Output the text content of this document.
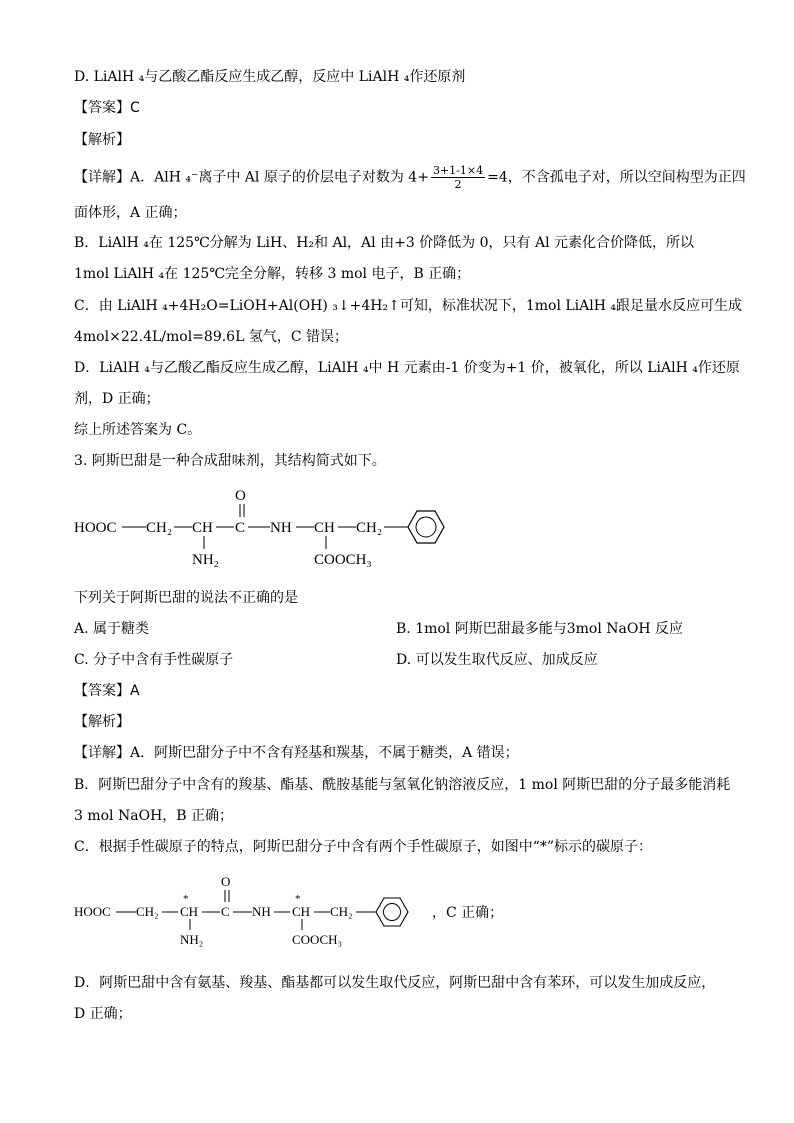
D. LiAlH ₄与乙酸乙酯反应生成乙醇，反应中 LiAlH ₄作还原剂
【答案】C
【解析】
【详解】A．AlH ₄⁻离子中 Al 原子的价层电子对数为 $4+ \frac{3+1-1\times 4}{2} =4$，不含孤电子对，所以空间构型为正四
面体形，A 正确；
B．LiAlH ₄在 125℃分解为 LiH、H₂和 Al，Al 由+3 价降低为 0，只有 Al 元素化合价降低，所以
1mol LiAlH ₄在 125℃完全分解，转移 3 mol 电子，B 正确；
C．由 LiAlH ₄+4H₂O=LiOH+Al(OH) ₃↓+4H₂↑可知，标准状况下，1mol LiAlH ₄跟足量水反应可生成
4mol×22.4L/mol=89.6L 氢气，C 错误；
D．LiAlH ₄与乙酸乙酯反应生成乙醇，LiAlH ₄中 H 元素由-1 价变为+1 价，被氧化，所以 LiAlH ₄作还原
剂，D 正确；
综上所述答案为 C。
3. 阿斯巴甜是一种合成甜味剂，其结构简式如下。
HOOC CH₂ CH
NH₂
C
O
NH CH
COOCH₃
CH₂
下列关于阿斯巴甜的说法不正确的是
A. 属于糖类	B. 1mol 阿斯巴甜最多能与3mol NaOH 反应
C. 分子中含有手性碳原子	D. 可以发生取代反应、加成反应
【答案】A
【解析】
【详解】A．阿斯巴甜分子中不含有羟基和羰基，不属于糖类，A 错误；
B．阿斯巴甜分子中含有的羧基、酯基、酰胺基能与氢氧化钠溶液反应，1 mol 阿斯巴甜的分子最多能消耗
3 mol NaOH，B 正确；
C．根据手性碳原子的特点，阿斯巴甜分子中含有两个手性碳原子，如图中“*”标示的碳原子：
HOOC CH₂
*
CH
NH₂
C
O
NH
*
CH
COOCH₃
CH₂	，C 正确；
D．阿斯巴甜中含有氨基、羧基、酯基都可以发生取代反应，阿斯巴甜中含有苯环，可以发生加成反应，
D 正确；
